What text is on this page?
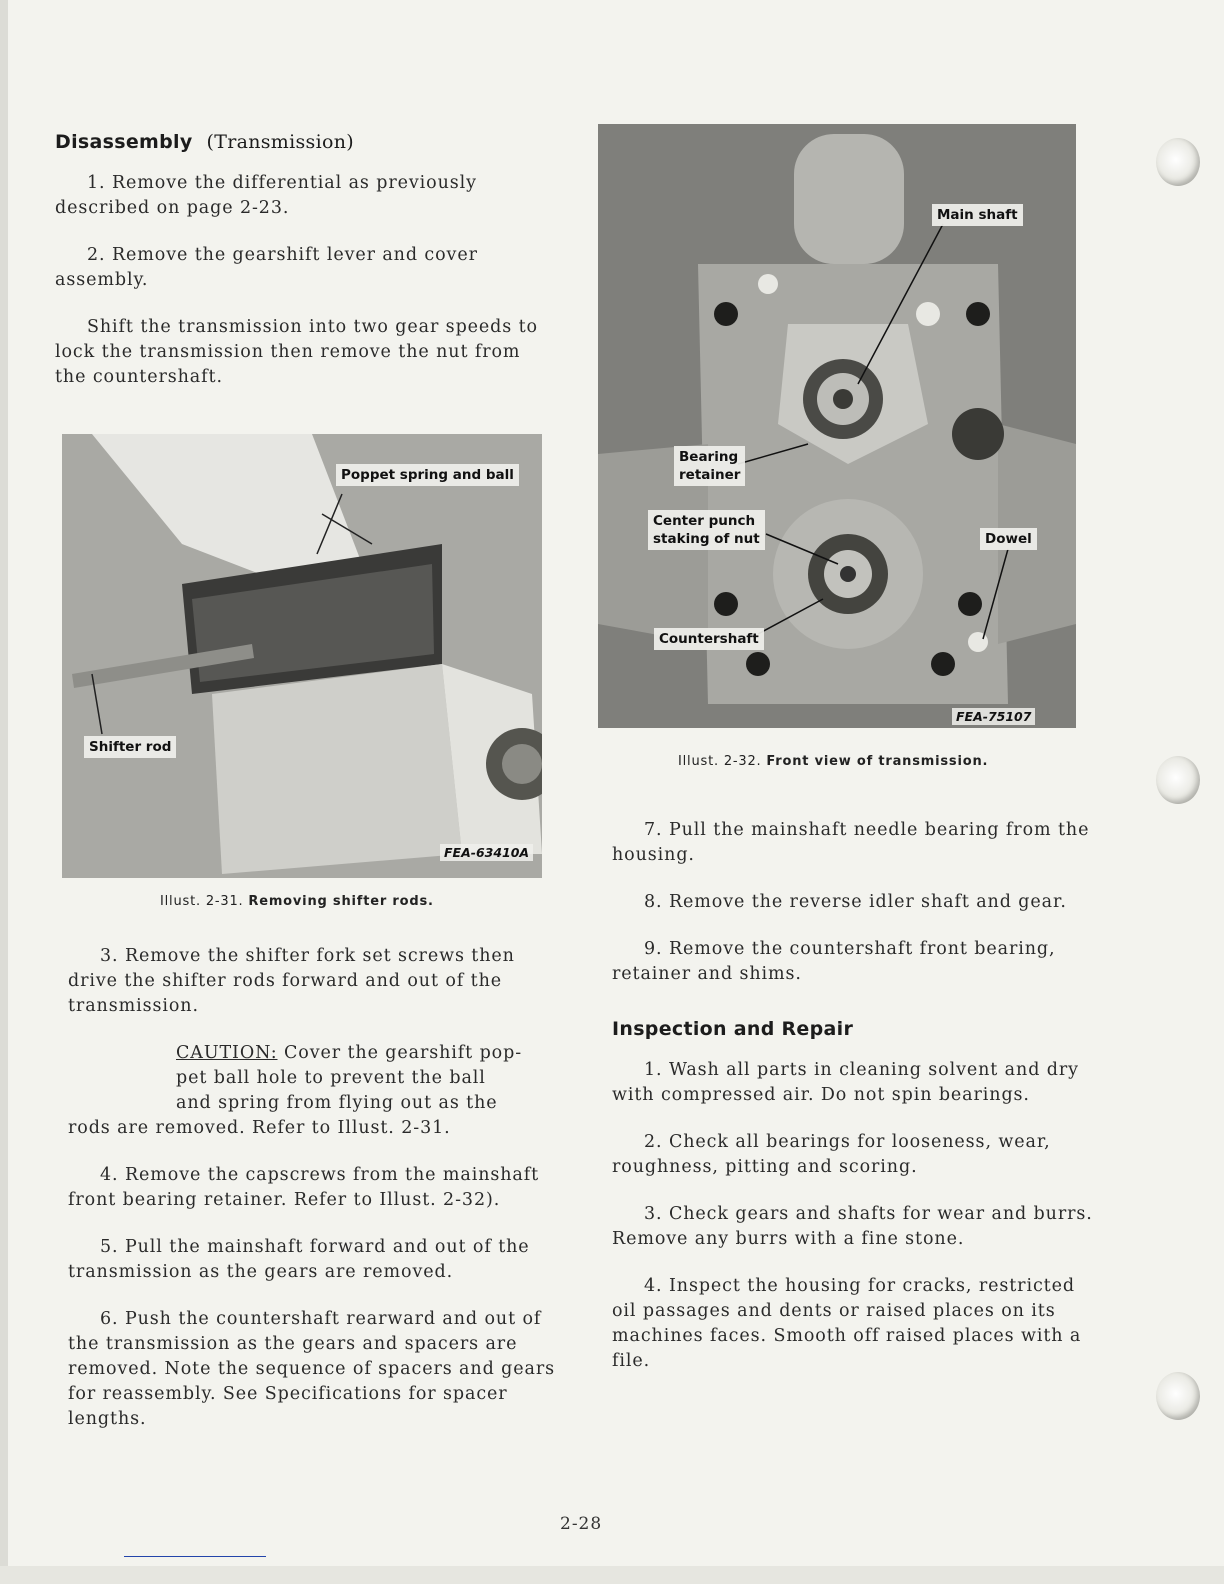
Disassembly (Transmission)

1. Remove the differential as previously described on page 2-23.

2. Remove the gearshift lever and cover assembly.

Shift the transmission into two gear speeds to lock the transmission then remove the nut from the countershaft.

Poppet spring and ball
Shifter rod
FEA-63410A
Illust. 2-31. Removing shifter rods.

3. Remove the shifter fork set screws then drive the shifter rods forward and out of the transmission.

CAUTION: Cover the gearshift pop-
pet ball hole to prevent the ball
and spring from flying out as the
rods are removed. Refer to Illust. 2-31.

4. Remove the capscrews from the mainshaft front bearing retainer. Refer to Illust. 2-32).

5. Pull the mainshaft forward and out of the transmission as the gears are removed.

6. Push the countershaft rearward and out of the transmission as the gears and spacers are removed. Note the sequence of spacers and gears for reassembly. See Specifications for spacer lengths.

Main shaft
Bearing
retainer
Center punch
staking of nut	Dowel
Countershaft
FEA-75107
Illust. 2-32. Front view of transmission.

7. Pull the mainshaft needle bearing from the housing.

8. Remove the reverse idler shaft and gear.

9. Remove the countershaft front bearing, retainer and shims.

Inspection and Repair

1. Wash all parts in cleaning solvent and dry with compressed air. Do not spin bearings.

2. Check all bearings for looseness, wear, roughness, pitting and scoring.

3. Check gears and shafts for wear and burrs. Remove any burrs with a fine stone.

4. Inspect the housing for cracks, restricted oil passages and dents or raised places on its machines faces. Smooth off raised places with a file.

2-28
